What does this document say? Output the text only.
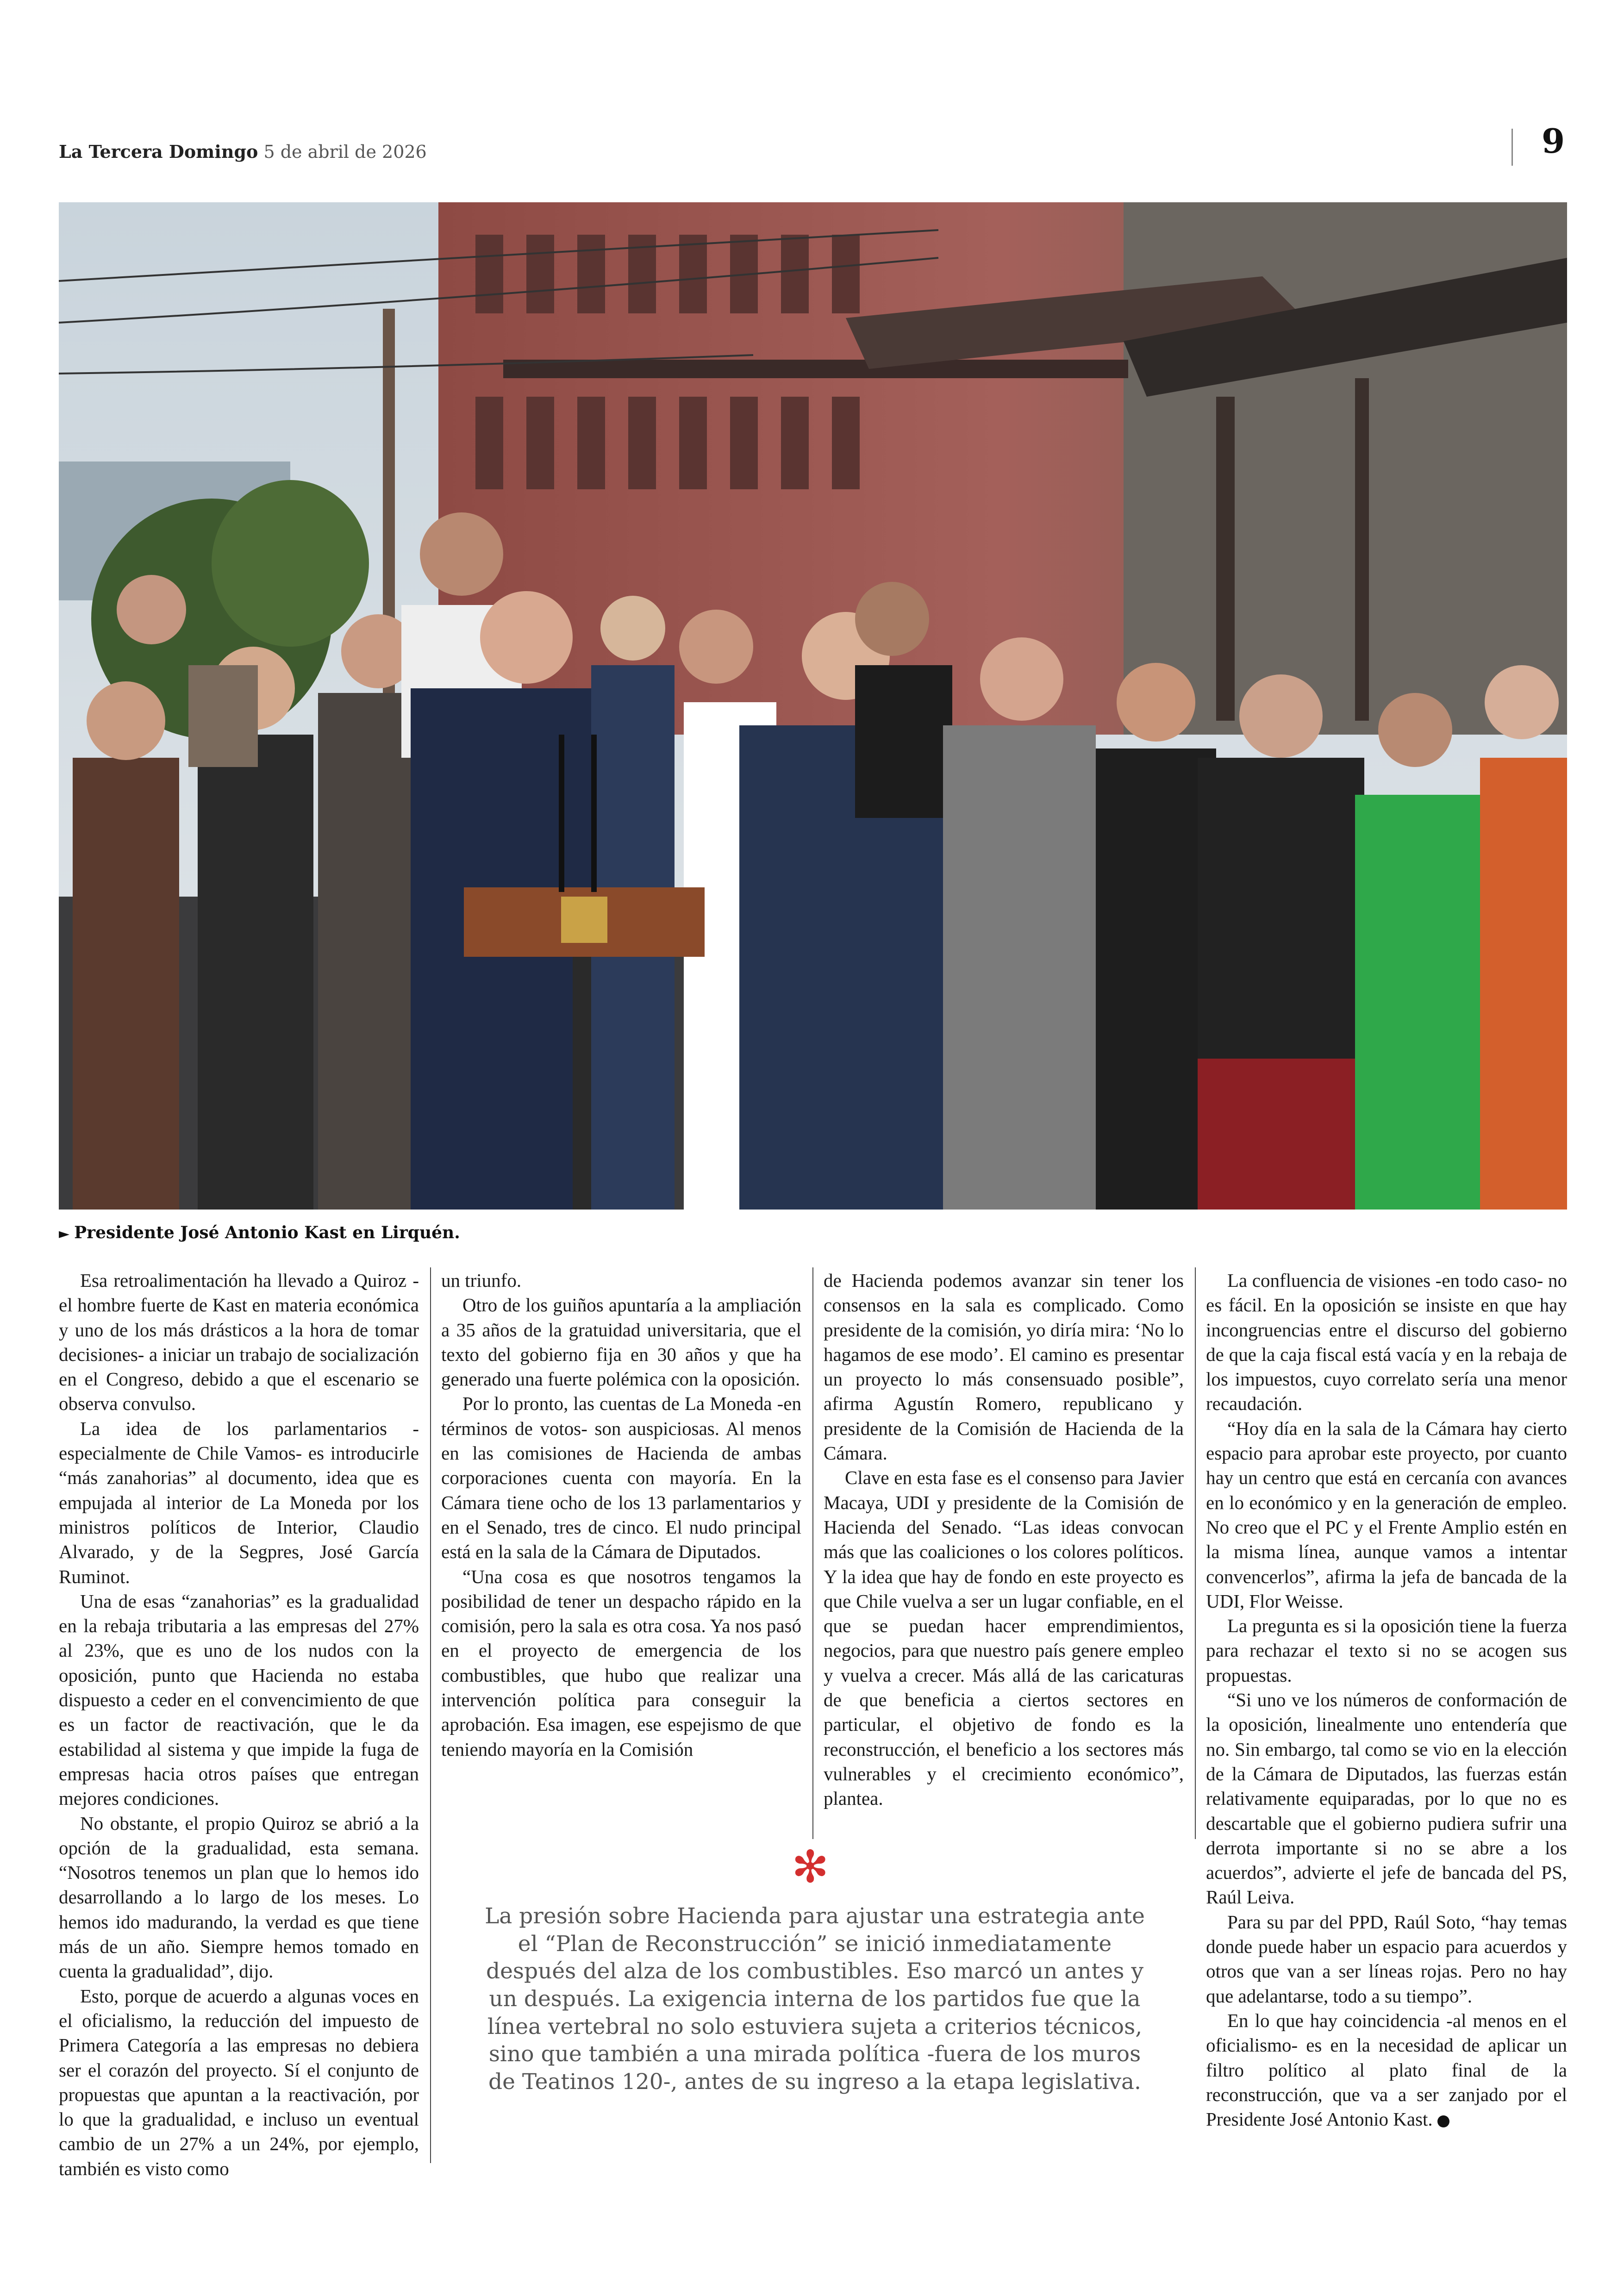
La Tercera Domingo 5 de abril de 2026	9
► Presidente José Antonio Kast en Lirquén.

Esa retroalimentación ha llevado a Quiroz -el hombre fuerte de Kast en materia económica y uno de los más drásticos a la hora de tomar decisiones- a iniciar un trabajo de socialización en el Congreso, debido a que el escenario se observa convulso.

La idea de los parlamentarios -especialmente de Chile Vamos- es introducirle “más zanahorias” al documento, idea que es empujada al interior de La Moneda por los ministros políticos de Interior, Claudio Alvarado, y de la Segpres, José García Ruminot.

Una de esas “zanahorias” es la gradualidad en la rebaja tributaria a las empresas del 27% al 23%, que es uno de los nudos con la oposición, punto que Hacienda no estaba dispuesto a ceder en el convencimiento de que es un factor de reactivación, que le da estabilidad al sistema y que impide la fuga de empresas hacia otros países que entregan mejores condiciones.

No obstante, el propio Quiroz se abrió a la opción de la gradualidad, esta semana. “Nosotros tenemos un plan que lo hemos ido desarrollando a lo largo de los meses. Lo hemos ido madurando, la verdad es que tiene más de un año. Siempre hemos tomado en cuenta la gradualidad”, dijo.

Esto, porque de acuerdo a algunas voces en el oficialismo, la reducción del impuesto de Primera Categoría a las empresas no debiera ser el corazón del proyecto. Sí el conjunto de propuestas que apuntan a la reactivación, por lo que la gradualidad, e incluso un eventual cambio de un 27% a un 24%, por ejemplo, también es visto como

un triunfo.

Otro de los guiños apuntaría a la ampliación a 35 años de la gratuidad universitaria, que el texto del gobierno fija en 30 años y que ha generado una fuerte polémica con la oposición.

Por lo pronto, las cuentas de La Moneda -en términos de votos- son auspiciosas. Al menos en las comisiones de Hacienda de ambas corporaciones cuenta con mayoría. En la Cámara tiene ocho de los 13 parlamentarios y en el Senado, tres de cinco. El nudo principal está en la sala de la Cámara de Diputados.

“Una cosa es que nosotros tengamos la posibilidad de tener un despacho rápido en la comisión, pero la sala es otra cosa. Ya nos pasó en el proyecto de emergencia de los combustibles, que hubo que realizar una intervención política para conseguir la aprobación. Esa imagen, ese espejismo de que teniendo mayoría en la Comisión

de Hacienda podemos avanzar sin tener los consensos en la sala es complicado. Como presidente de la comisión, yo diría mira: ‘No lo hagamos de ese modo’. El camino es presentar un proyecto lo más consensuado posible”, afirma Agustín Romero, republicano y presidente de la Comisión de Hacienda de la Cámara.

Clave en esta fase es el consenso para Javier Macaya, UDI y presidente de la Comisión de Hacienda del Senado. “Las ideas convocan más que las coaliciones o los colores políticos. Y la idea que hay de fondo en este proyecto es que Chile vuelva a ser un lugar confiable, en el que se puedan hacer emprendimientos, negocios, para que nuestro país genere empleo y vuelva a crecer. Más allá de las caricaturas de que beneficia a ciertos sectores en particular, el objetivo de fondo es la reconstrucción, el beneficio a los sectores más vulnerables y el crecimiento económico”, plantea.

La confluencia de visiones -en todo caso- no es fácil. En la oposición se insiste en que hay incongruencias entre el discurso del gobierno de que la caja fiscal está vacía y en la rebaja de los impuestos, cuyo correlato sería una menor recaudación.

“Hoy día en la sala de la Cámara hay cierto espacio para aprobar este proyecto, por cuanto hay un centro que está en cercanía con avances en lo económico y en la generación de empleo. No creo que el PC y el Frente Amplio estén en la misma línea, aunque vamos a intentar convencerlos”, afirma la jefa de bancada de la UDI, Flor Weisse.

La pregunta es si la oposición tiene la fuerza para rechazar el texto si no se acogen sus propuestas.

“Si uno ve los números de conformación de la oposición, linealmente uno entendería que no. Sin embargo, tal como se vio en la elección de la Cámara de Diputados, las fuerzas están relativamente equiparadas, por lo que no es descartable que el gobierno pudiera sufrir una derrota importante si no se abre a los acuerdos”, advierte el jefe de bancada del PS, Raúl Leiva.

Para su par del PPD, Raúl Soto, “hay temas donde puede haber un espacio para acuerdos y otros que van a ser líneas rojas. Pero no hay que adelantarse, todo a su tiempo”.

En lo que hay coincidencia -al menos en el oficialismo- es en la necesidad de aplicar un filtro político al plato final de la reconstrucción, que va a ser zanjado por el Presidente José Antonio Kast.	●

✻
La presión sobre Hacienda para ajustar una estrategia ante el “Plan de Reconstrucción” se inició inmediatamente después del alza de los combustibles. Eso marcó un antes y un después. La exigencia interna de los partidos fue que la línea vertebral no solo estuviera sujeta a criterios técnicos, sino que también a una mirada política -fuera de los muros de Teatinos 120-, antes de su ingreso a la etapa legislativa.
